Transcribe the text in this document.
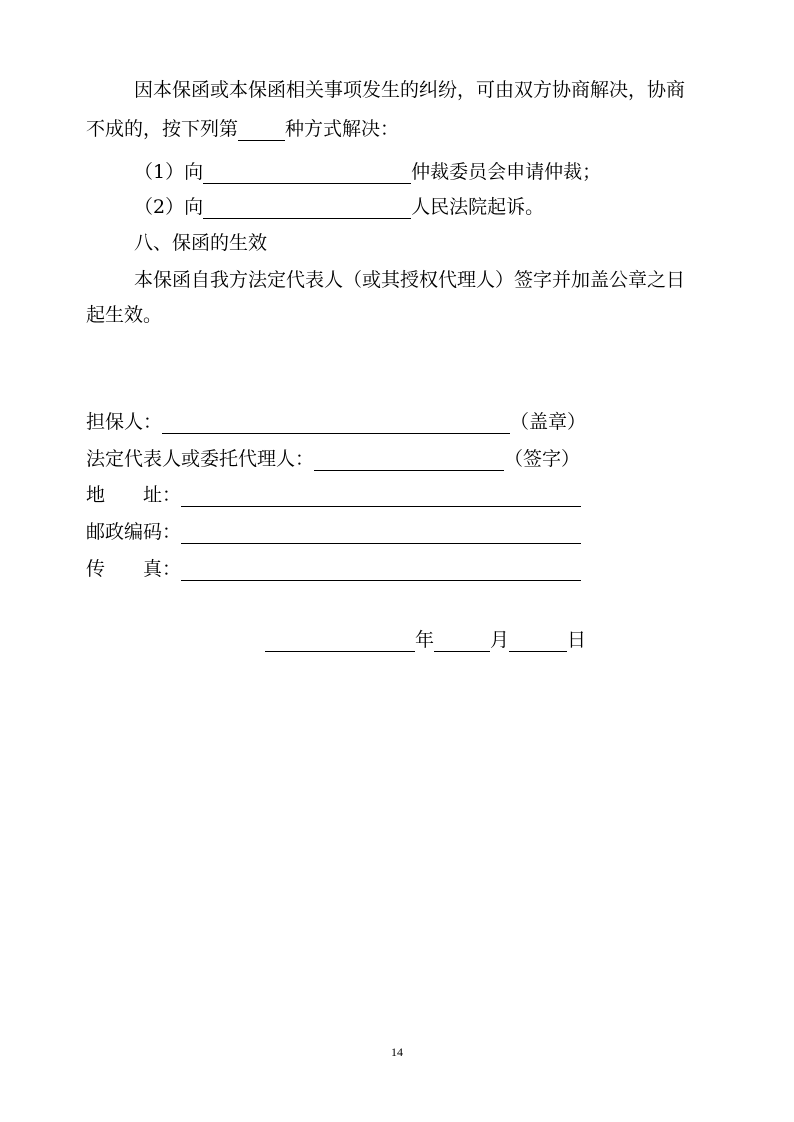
因本保函或本保函相关事项发生的纠纷，可由双方协商解决，协商
不成的，按下列第 种方式解决：
（1）向	仲裁委员会申请仲裁；
（2）向	人民法院起诉。
八、保函的生效
本保函自我方法定代表人（或其授权代理人）签字并加盖公章之日
起生效。
担保人：	（盖章）
法定代表人或委托代理人：	（签字）
地　　址：
邮政编码：
传　　真：
年	月	日
14
